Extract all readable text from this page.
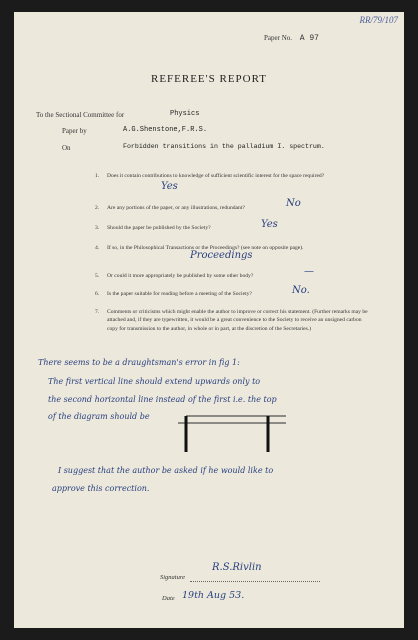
RR/79/107
Paper No. A 97
REFEREE'S REPORT
To the Sectional Committee for	Physics
Paper by	A.G.Shenstone,F.R.S.
On	Forbidden transitions in the palladium I. spectrum.
1. Does it contain contributions to knowledge of sufficient scientific interest for the space required?
Yes
2. Are any portions of the paper, or any illustrations, redundant?	No
3. Should the paper be published by the Society?	Yes
4. If so, in the Philosophical Transactions or the Proceedings? (see note on opposite page).
Proceedings
5. Or could it more appropriately be published by some other body?	—
6. Is the paper suitable for reading before a meeting of the Society?	No.
7. Comments or criticisms which might enable the author to improve or correct his statement. (Further remarks may be attached and, if they are typewritten, it would be a great convenience to the Society to receive an unsigned carbon copy for transmission to the author, in whole or in part, at the discretion of the Secretaries.)
There seems to be a draughtsman's error in fig 1:
The first vertical line should extend upwards only to
the second horizontal line instead of the first i.e. the top
of the diagram should be
I suggest that the author be asked if he would like to
approve this correction.
Signature
R.S.Rivlin
Date 19th Aug 53.
